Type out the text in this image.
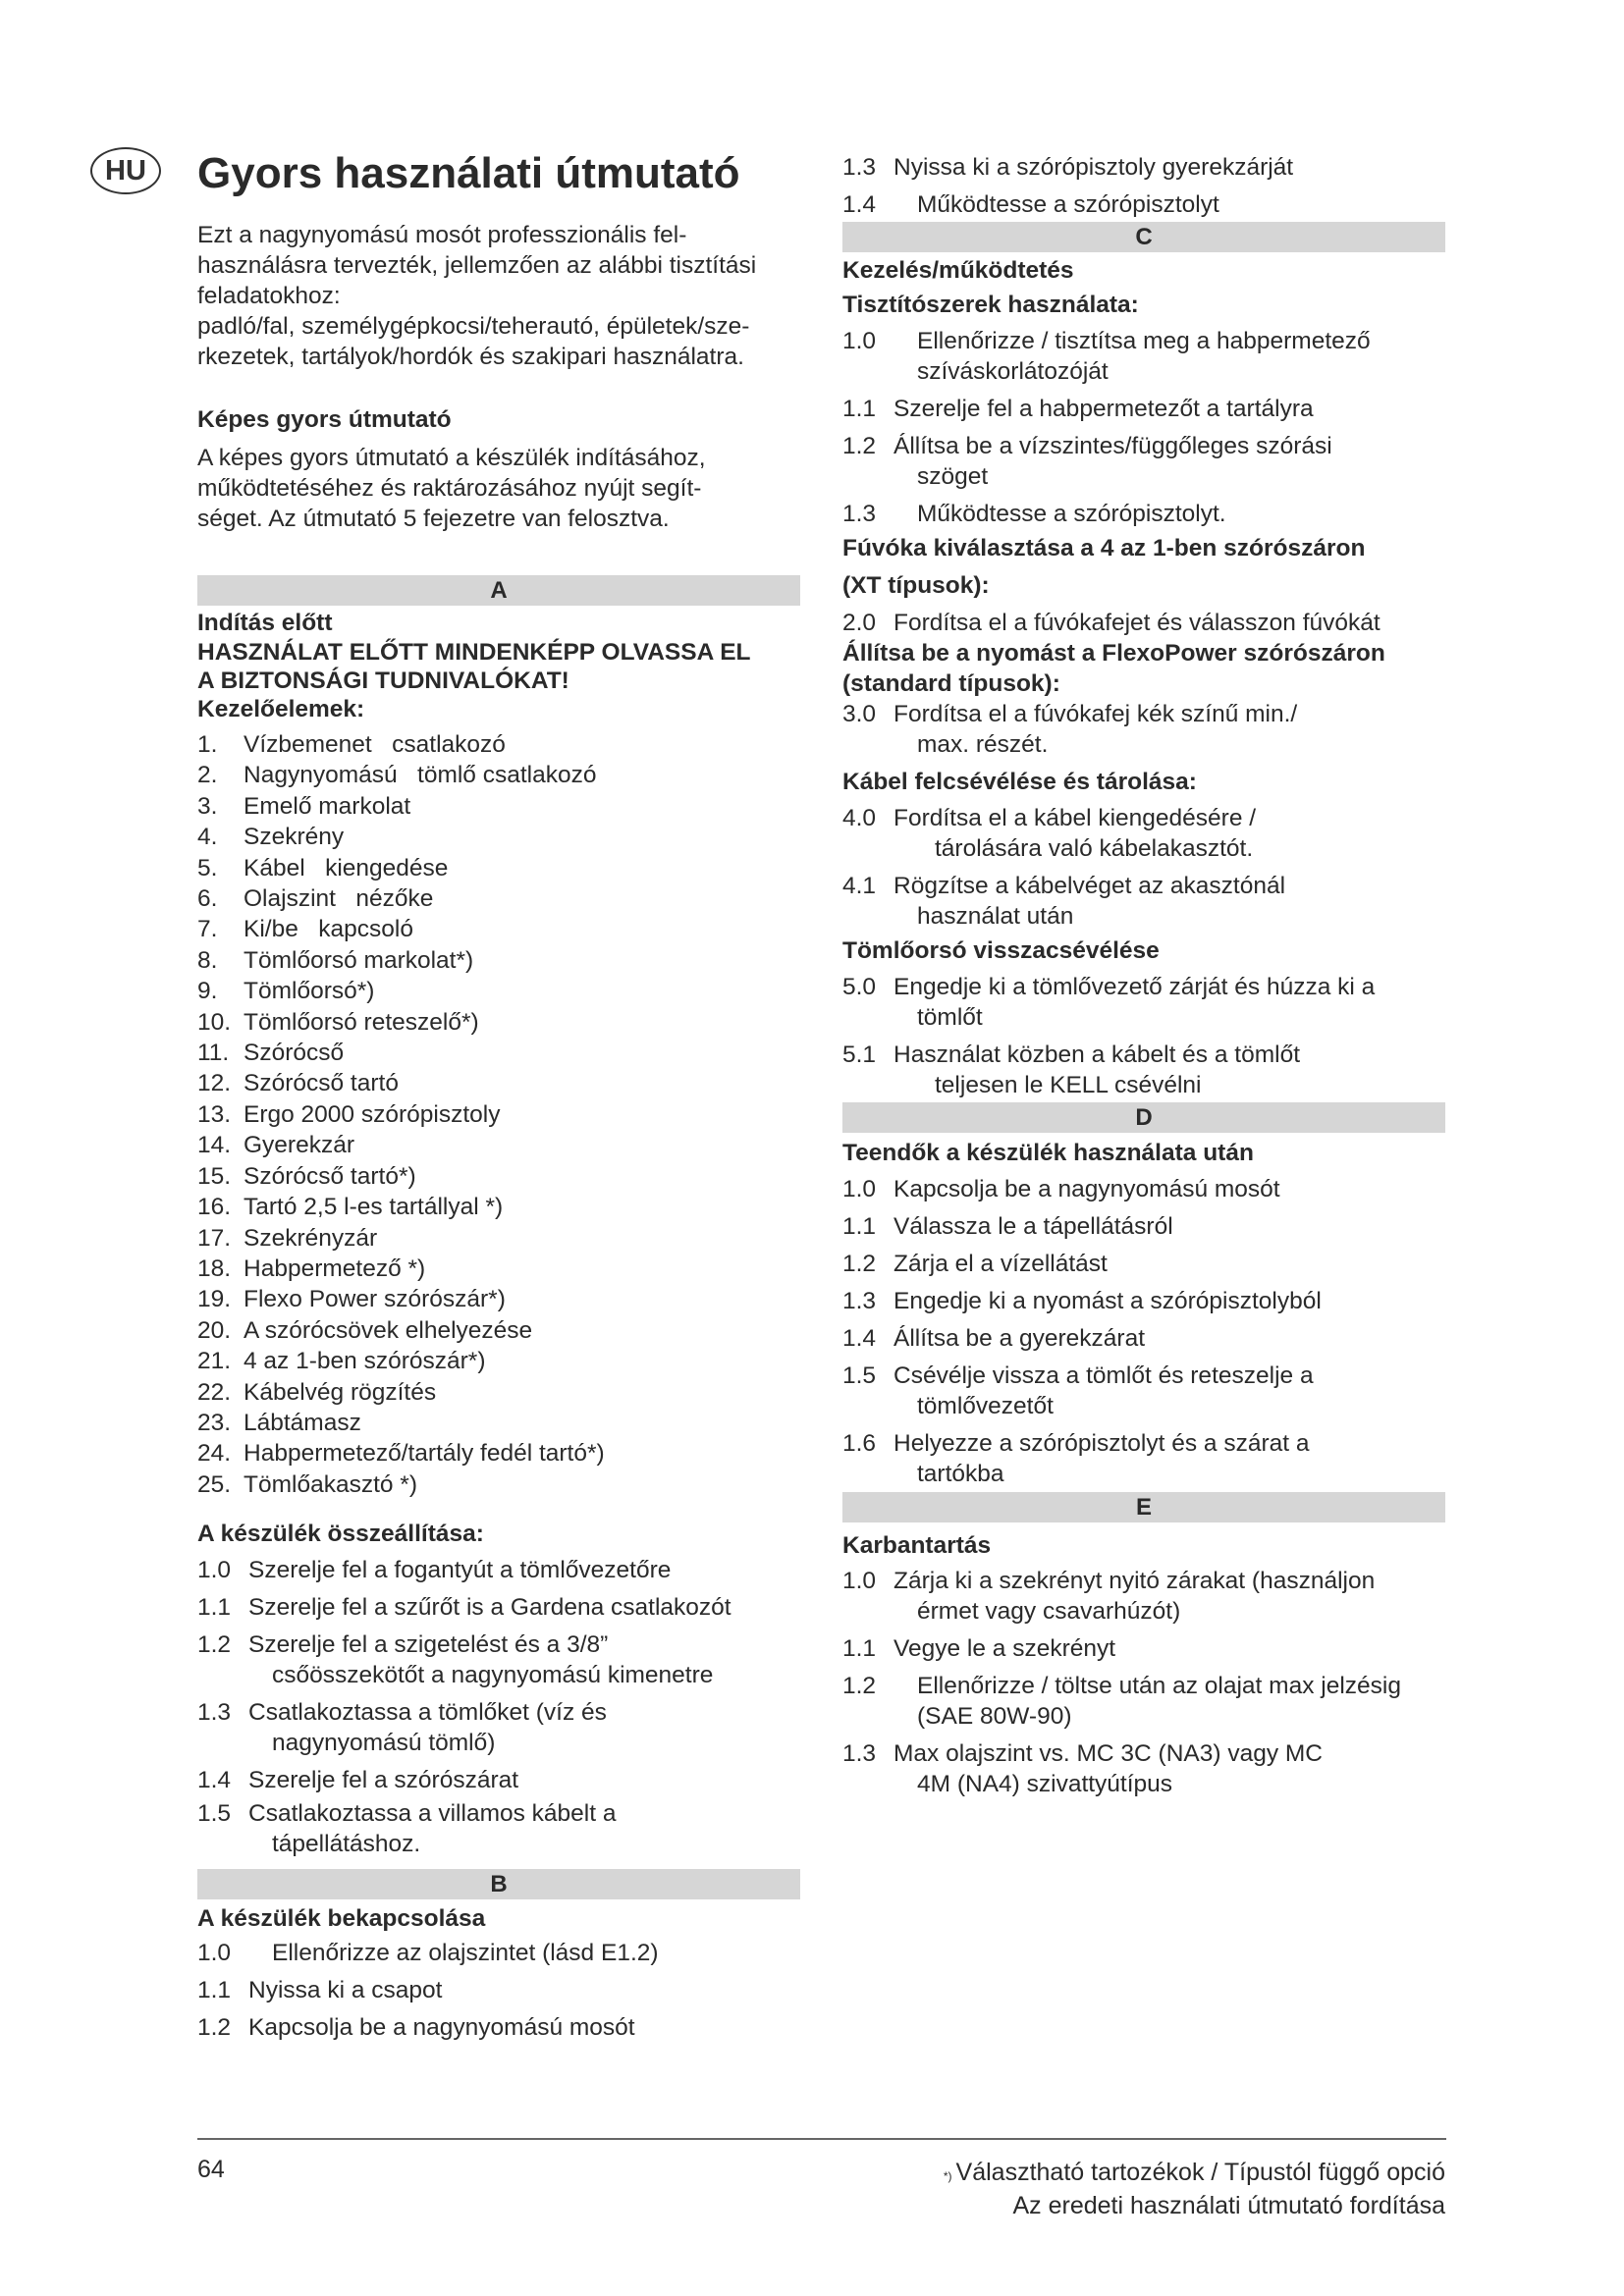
HU	Gyors használati útmutató
Ezt a nagynyomású mosót professzionális fel-
használásra tervezték, jellemzően az alábbi tisztítási
feladatokhoz:
padló/fal, személygépkocsi/teherautó, épületek/sze-
rkezetek, tartályok/hordók és szakipari használatra.
Képes gyors útmutató
A képes gyors útmutató a készülék indításához,
működtetéséhez és raktározásához nyújt segít-
séget. Az útmutató 5 fejezetre van felosztva.
A
Indítás előtt
HASZNÁLAT ELŐTT MINDENKÉPP OLVASSA EL
A BIZTONSÁGI TUDNIVALÓKAT!
Kezelőelemek:
1.	Vízbemenet   csatlakozó
2.	Nagynyomású   tömlő csatlakozó
3.	Emelő markolat
4.	Szekrény
5.	Kábel   kiengedése
6.	Olajszint   nézőke
7.	Ki/be   kapcsoló
8.	Tömlőorsó markolat*)
9.	Tömlőorsó*)
10. Tömlőorsó reteszelő*)
11. Szórócső
12. Szórócső tartó
13. Ergo 2000 szórópisztoly
14. Gyerekzár
15. Szórócső tartó*)
16. Tartó 2,5 l-es tartállyal *)
17. Szekrényzár
18. Habpermetező *)
19. Flexo Power szórószár*)
20. A szórócsövek elhelyezése
21. 4 az 1-ben szórószár*)
22. Kábelvég rögzítés
23. Lábtámasz
24. Habpermetező/tartály fedél tartó*)
25. Tömlőakasztó *)
A készülék összeállítása:
1.0 Szerelje fel a fogantyút a tömlővezetőre
1.1 Szerelje fel a szűrőt is a Gardena csatlakozót
1.2 Szerelje fel a szigetelést és a 3/8”
csőösszekötőt a nagynyomású kimenetre
1.3 Csatlakoztassa a tömlőket (víz és
nagynyomású tömlő)
1.4 Szerelje fel a szórószárat
1.5 Csatlakoztassa a villamos kábelt a
tápellátáshoz.
B
A készülék bekapcsolása
1.0	Ellenőrizze az olajszintet (lásd E1.2)
1.1 Nyissa ki a csapot
1.2 Kapcsolja be a nagynyomású mosót
1.3 Nyissa ki a szórópisztoly gyerekzárját
1.4	Működtesse a szórópisztolyt
C
Kezelés/működtetés
Tisztítószerek használata:
1.0	Ellenőrizze / tisztítsa meg a habpermetező
szíváskorlátozóját
1.1 Szerelje fel a habpermetezőt a tartályra
1.2 Állítsa be a vízszintes/függőleges szórási
szöget
1.3	Működtesse a szórópisztolyt.
Fúvóka kiválasztása a 4 az 1-ben szórószáron
(XT típusok):
2.0 Fordítsa el a fúvókafejet és válasszon fúvókát
Állítsa be a nyomást a FlexoPower szórószáron
(standard típusok):
3.0 Fordítsa el a fúvókafej kék színű min./
max. részét.
Kábel felcsévélése és tárolása:
4.0 Fordítsa el a kábel kiengedésére /
tárolására való kábelakasztót.
4.1 Rögzítse a kábelvéget az akasztónál
használat után
Tömlőorsó visszacsévélése
5.0 Engedje ki a tömlővezető zárját és húzza ki a
tömlőt
5.1 Használat közben a kábelt és a tömlőt
teljesen le KELL csévélni
D
Teendők a készülék használata után
1.0 Kapcsolja be a nagynyomású mosót
1.1 Válassza le a tápellátásról
1.2 Zárja el a vízellátást
1.3 Engedje ki a nyomást a szórópisztolyból
1.4 Állítsa be a gyerekzárat
1.5 Csévélje vissza a tömlőt és reteszelje a
tömlővezetőt
1.6 Helyezze a szórópisztolyt és a szárat a
tartókba
E
Karbantartás
1.0 Zárja ki a szekrényt nyitó zárakat (használjon
érmet vagy csavarhúzót)
1.1 Vegye le a szekrényt
1.2	Ellenőrizze / töltse után az olajat max jelzésig
(SAE 80W-90)
1.3 Max olajszint vs. MC 3C (NA3) vagy MC
4M (NA4) szivattyútípus
64	*) Választható tartozékok / Típustól függő opció
Az eredeti használati útmutató fordítása
